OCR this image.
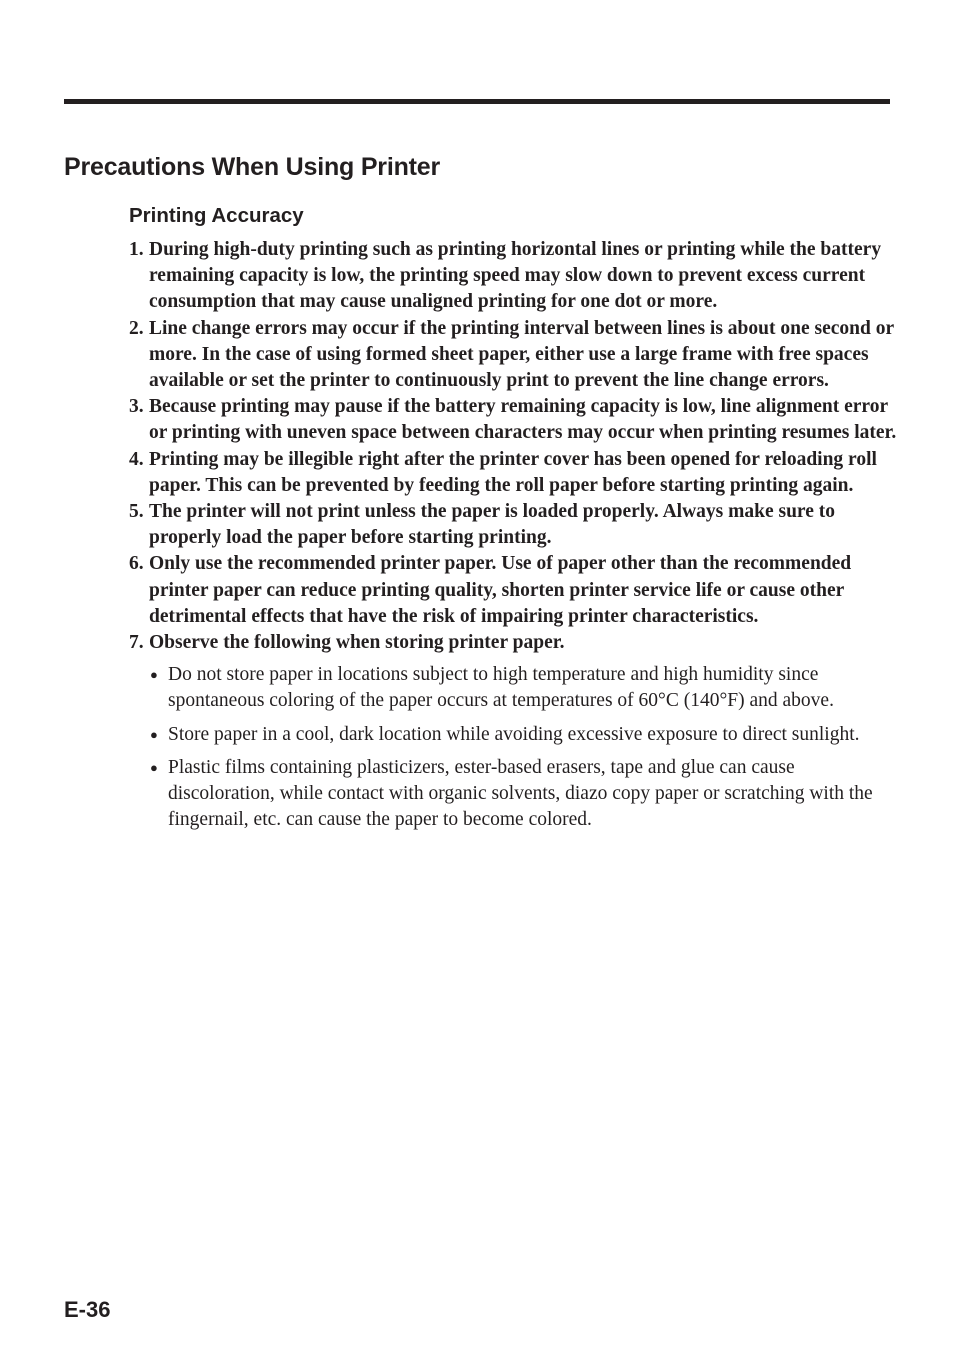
Precautions When Using Printer
Printing Accuracy
1. During high-duty printing such as printing horizontal lines or printing while the battery remaining capacity is low, the printing speed may slow down to prevent excess current consumption that may cause unaligned printing for one dot or more.
2. Line change errors may occur if the printing interval between lines is about one second or more. In the case of using formed sheet paper, either use a large frame with free spaces available or set the printer to continuously print to prevent the line change errors.
3. Because printing may pause if the battery remaining capacity is low, line alignment error or printing with uneven space between characters may occur when printing resumes later.
4. Printing may be illegible right after the printer cover has been opened for reloading roll paper. This can be prevented by feeding the roll paper before starting printing again.
5. The printer will not print unless the paper is loaded properly. Always make sure to properly load the paper before starting printing.
6. Only use the recommended printer paper. Use of paper other than the recommended printer paper can reduce printing quality, shorten printer service life or cause other detrimental effects that have the risk of impairing printer characteristics.
7. Observe the following when storing printer paper.
● Do not store paper in locations subject to high temperature and high humidity since spontaneous coloring of the paper occurs at temperatures of 60°C (140°F) and above.
● Store paper in a cool, dark location while avoiding excessive exposure to direct sunlight.
● Plastic films containing plasticizers, ester-based erasers, tape and glue can cause discoloration, while contact with organic solvents, diazo copy paper or scratching with the fingernail, etc. can cause the paper to become colored.
E-36
